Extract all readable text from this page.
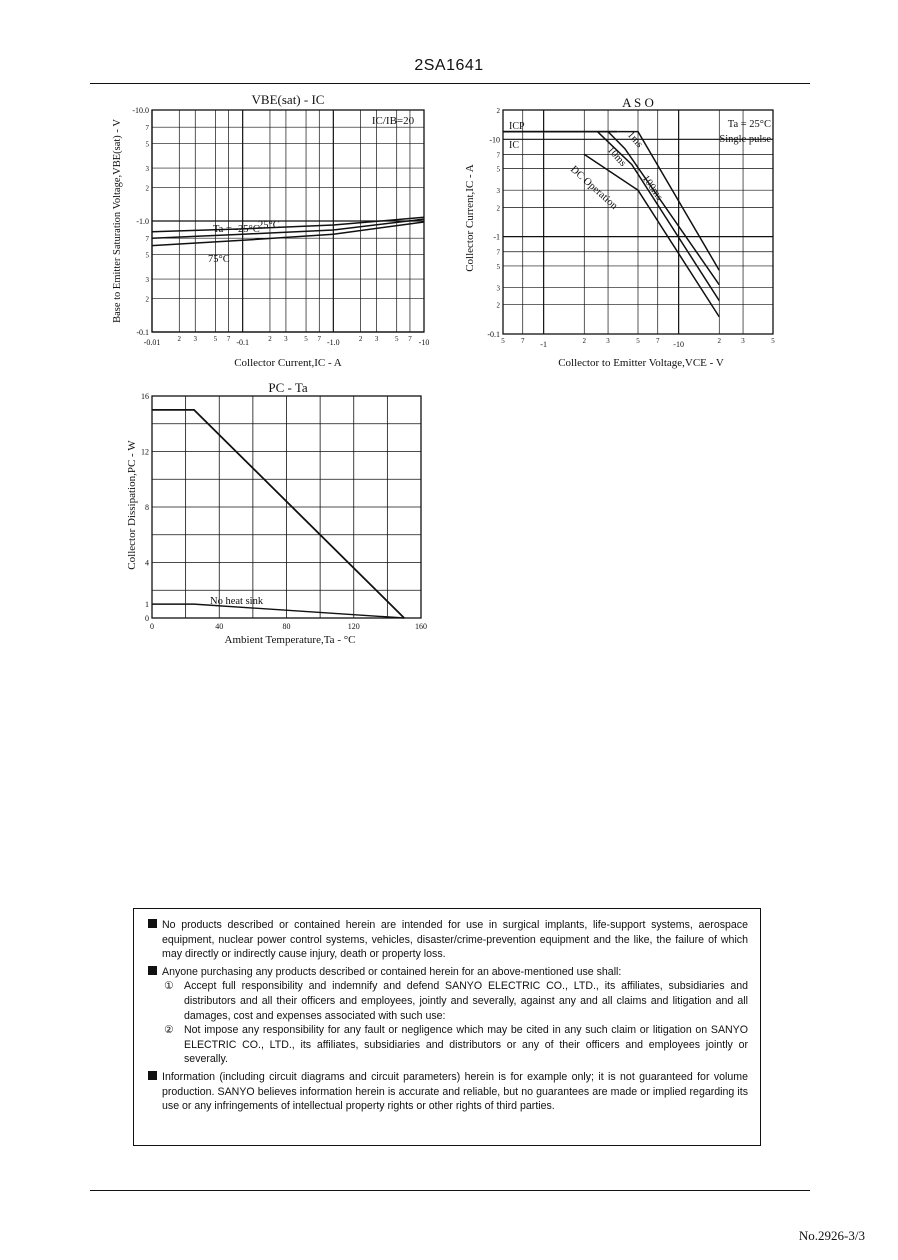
2SA1641
-0.01 2 3 5 7 -0.1	2 3 5 7 -1.0	2 3 5 7 -10
-10.0
7
5
3
2
-1.0
7
5
3
2
-0.1
VBE(sat) - IC
Collector Current,IC - A
Base to Emitter Saturation Voltage,VBE(sat) - V	IC/IB=20
Ta = -25°C
25°C
75°C
5 7 -1	2	3	5 7 -10	2	3	5
2
-10
7
5
3
2
-1
7
5
3
2
-0.1
A S O
Collector to Emitter Voltage,VCE - V
Collector Current,IC - A
ICP
IC
Ta = 25°C
Single pulse
1ms
10ms
100ms
DC Operation
0	40	80	120	160
16
12
8
4
1
0
PC - Ta
Ambient Temperature,Ta - °C
Collector Dissipation,PC - W
No heat sink
No products described or contained herein are intended for use in surgical implants, life-support systems, aerospace equipment, nuclear power control systems, vehicles, disaster/crime-prevention equipment and the like, the failure of which may directly or indirectly cause injury, death or property loss.
Anyone purchasing any products described or contained herein for an above-mentioned use shall:
① Accept full responsibility and indemnify and defend SANYO ELECTRIC CO., LTD., its affiliates, subsidiaries and distributors and all their officers and employees, jointly and severally, against any and all claims and litigation and all damages, cost and expenses associated with such use:
② Not impose any responsibility for any fault or negligence which may be cited in any such claim or litigation on SANYO ELECTRIC CO., LTD., its affiliates, subsidiaries and distributors or any of their officers and employees jointly or severally.
Information (including circuit diagrams and circuit parameters) herein is for example only; it is not guaranteed for volume production. SANYO believes information herein is accurate and reliable, but no guarantees are made or implied regarding its use or any infringements of intellectual property rights or other rights of third parties.
No.2926-3/3
